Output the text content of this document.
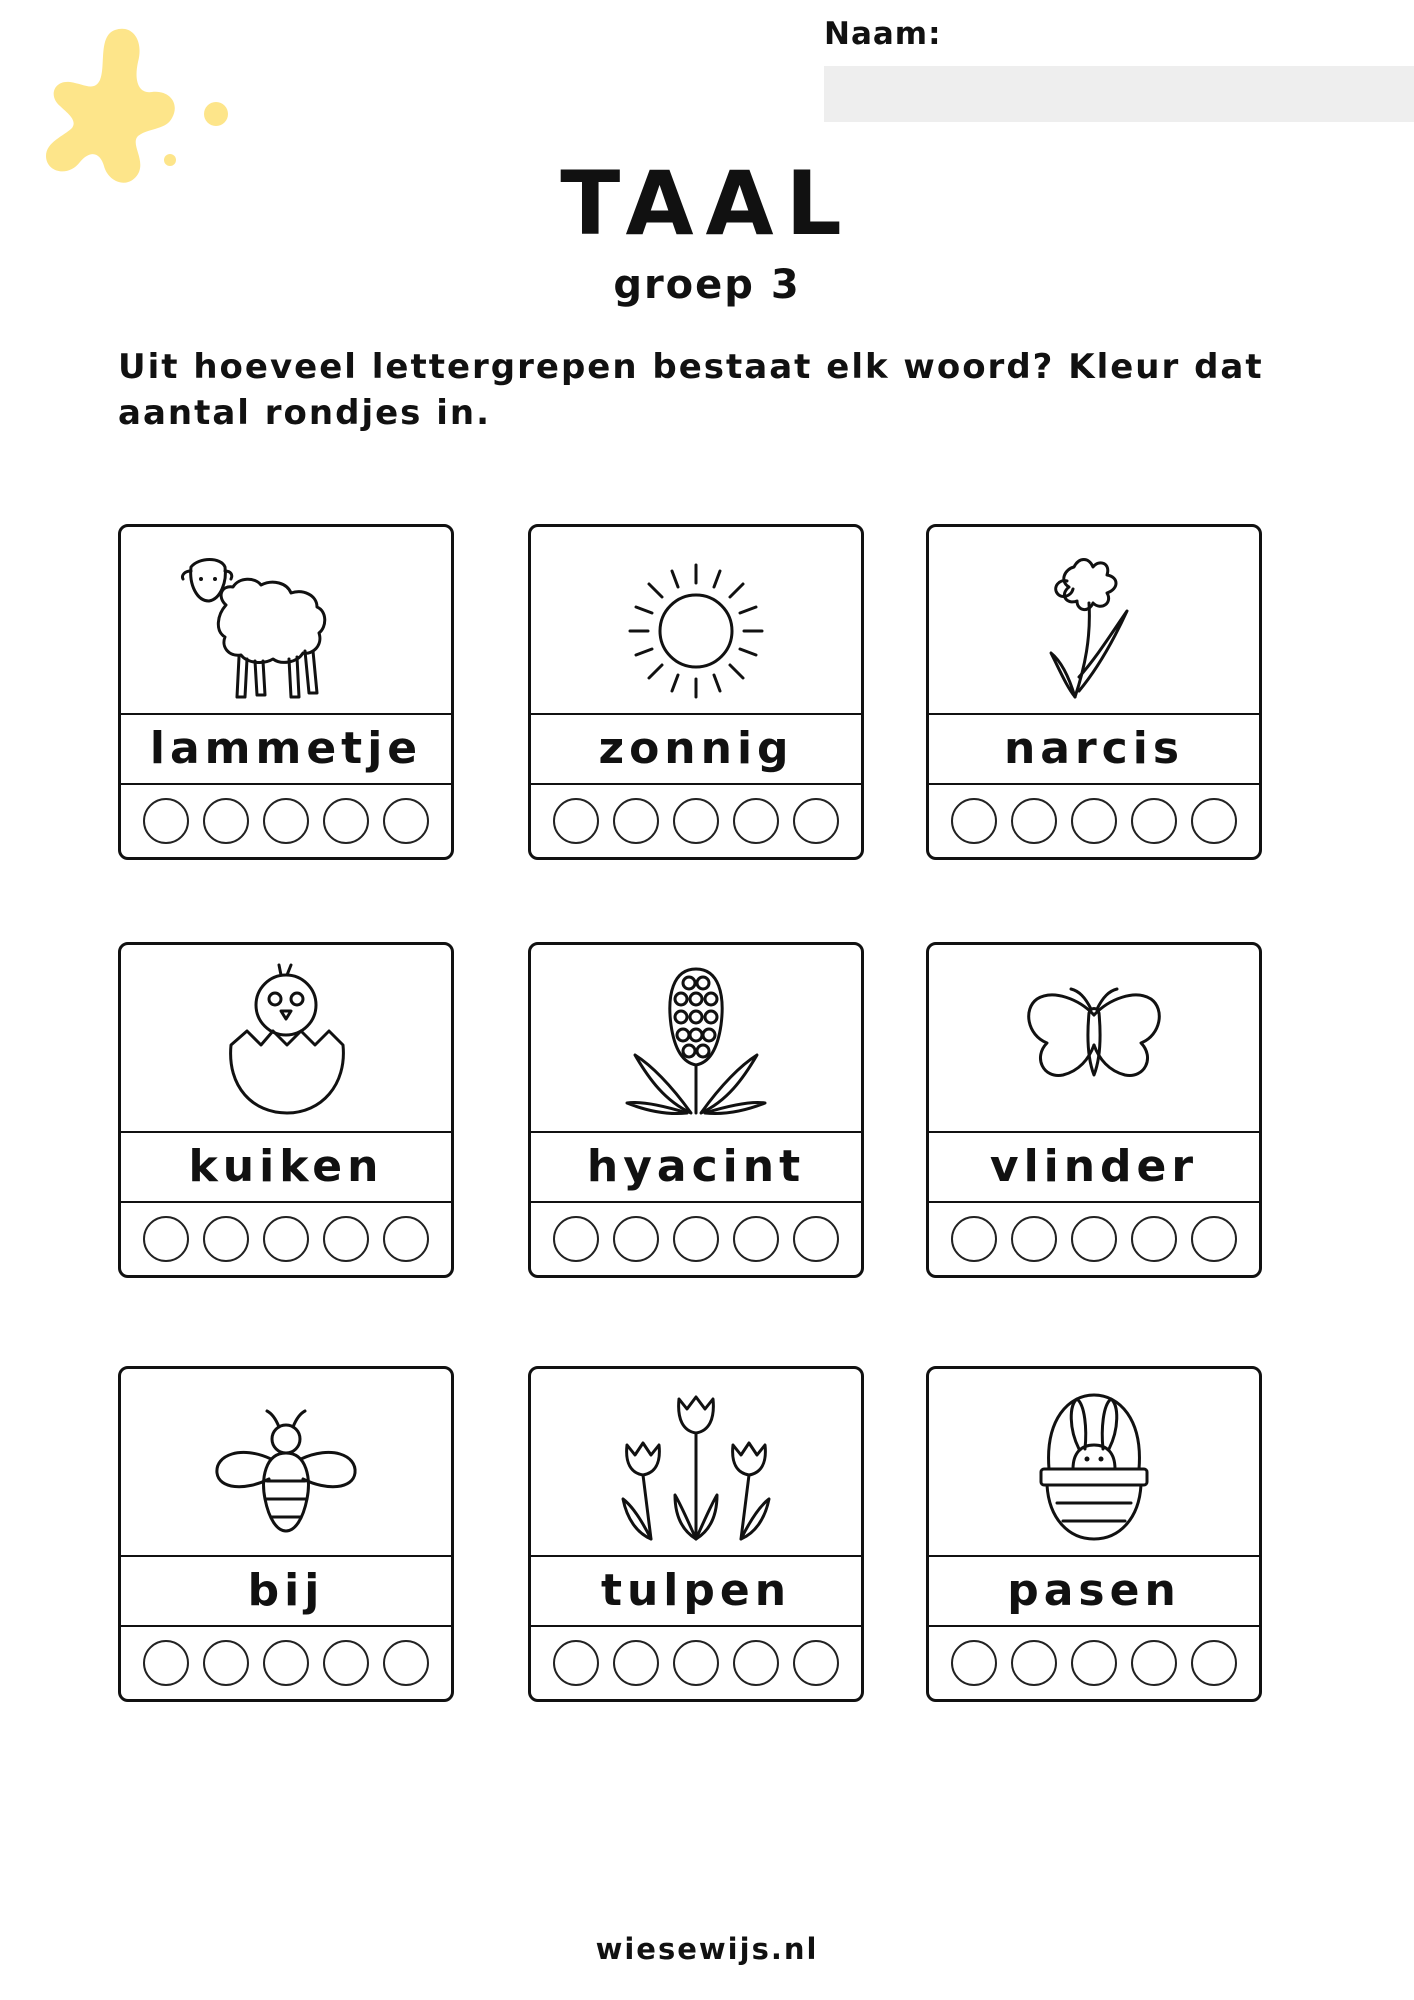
Naam:
TAAL
groep 3
Uit hoeveel lettergrepen bestaat elk woord? Kleur dat aantal rondjes in.
lammetje	zonnig	narcis
kuiken	hyacint	vlinder
bij	tulpen	pasen
wiesewijs.nl
